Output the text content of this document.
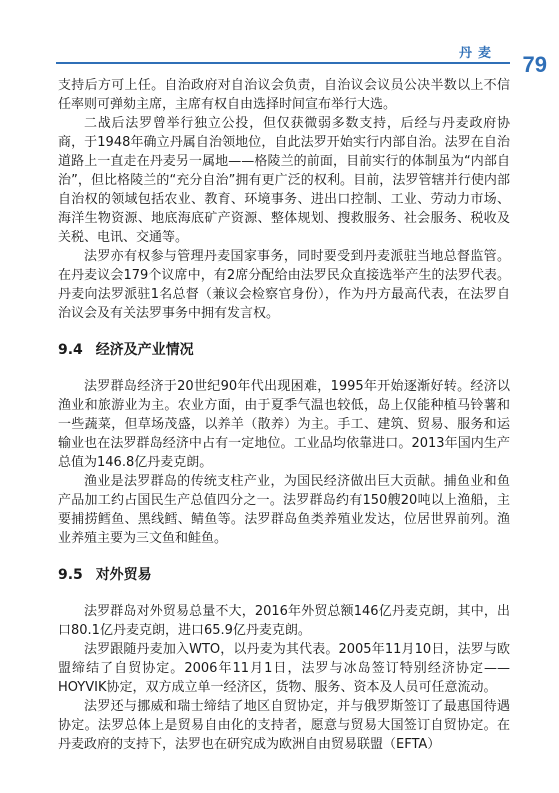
丹麦 79

支持后方可上任。自治政府对自治议会负责，自治议会议员公决半数以上不信任率则可弹劾主席，主席有权自由选择时间宣布举行大选。

二战后法罗曾举行独立公投，但仅获微弱多数支持，后经与丹麦政府协商，于1948年确立丹属自治领地位，自此法罗开始实行内部自治。法罗在自治道路上一直走在丹麦另一属地——格陵兰的前面，目前实行的体制虽为“内部自治”，但比格陵兰的“充分自治”拥有更广泛的权利。目前，法罗管辖并行使内部自治权的领域包括农业、教育、环境事务、进出口控制、工业、劳动力市场、海洋生物资源、地底海底矿产资源、整体规划、搜救服务、社会服务、税收及关税、电讯、交通等。

法罗亦有权参与管理丹麦国家事务，同时要受到丹麦派驻当地总督监管。在丹麦议会179个议席中，有2席分配给由法罗民众直接选举产生的法罗代表。丹麦向法罗派驻1名总督（兼议会检察官身份），作为丹方最高代表，在法罗自治议会及有关法罗事务中拥有发言权。

9.4 经济及产业情况

法罗群岛经济于20世纪90年代出现困难，1995年开始逐渐好转。经济以渔业和旅游业为主。农业方面，由于夏季气温也较低，岛上仅能种植马铃薯和一些蔬菜，但草场茂盛，以养羊（散养）为主。手工、建筑、贸易、服务和运输业也在法罗群岛经济中占有一定地位。工业品均依靠进口。2013年国内生产总值为146.8亿丹麦克朗。

渔业是法罗群岛的传统支柱产业，为国民经济做出巨大贡献。捕鱼业和鱼产品加工约占国民生产总值四分之一。法罗群岛约有150艘20吨以上渔船，主要捕捞鳕鱼、黑线鳕、鲭鱼等。法罗群岛鱼类养殖业发达，位居世界前列。渔业养殖主要为三文鱼和鲑鱼。

9.5 对外贸易

法罗群岛对外贸易总量不大，2016年外贸总额146亿丹麦克朗，其中，出口80.1亿丹麦克朗，进口65.9亿丹麦克朗。

法罗跟随丹麦加入WTO，以丹麦为其代表。2005年11月10日，法罗与欧盟缔结了自贸协定。2006年11月1日，法罗与冰岛签订特别经济协定——HOYVIK协定，双方成立单一经济区，货物、服务、资本及人员可任意流动。

法罗还与挪威和瑞士缔结了地区自贸协定，并与俄罗斯签订了最惠国待遇协定。法罗总体上是贸易自由化的支持者，愿意与贸易大国签订自贸协定。在丹麦政府的支持下，法罗也在研究成为欧洲自由贸易联盟（EFTA）
